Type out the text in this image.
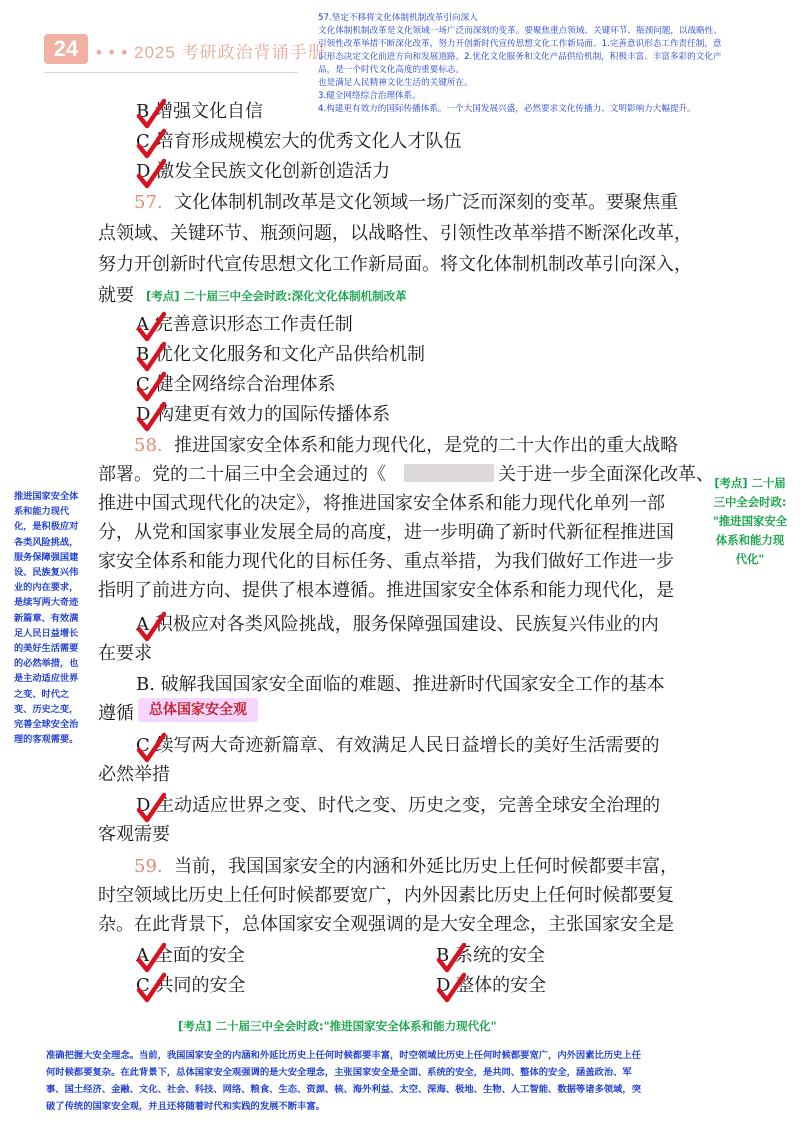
24	• • • 2025 考研政治背诵手册
57.坚定不移将文化体制机制改革引向深入
文化体制机制改革是文化领域一场广泛而深刻的变革。要聚焦重点领域、关键环节、瓶颈问题，以战略性、
引领性改革举措不断深化改革，努力开创新时代宣传思想文化工作新局面。1.完善意识形态工作责任制，意
识形态决定文化前进方向和发展道路。2.优化文化服务和文化产品供给机制，积极丰富、丰富多彩的文化产
品，是一个时代文化高度的重要标志。
也是满足人民精神文化生活的关键所在。
3.健全网络综合治理体系。
4.构建更有效力的国际传播体系。一个大国发展兴盛，必然要求文化传播力、文明影响力大幅提升。
B 增强文化自信
C 培育形成规模宏大的优秀文化人才队伍
D 激发全民族文化创新创造活力
57. 文化体制机制改革是文化领域一场广泛而深刻的变革。要聚焦重
点领域、关键环节、瓶颈问题，以战略性、引领性改革举措不断深化改革，
努力开创新时代宣传思想文化工作新局面。将文化体制机制改革引向深入，
就要 [考点] 二十届三中全会时政:深化文化体制机制改革
A 完善意识形态工作责任制
B 优化文化服务和文化产品供给机制
C 健全网络综合治理体系
D 构建更有效力的国际传播体系
58. 推进国家安全体系和能力现代化，是党的二十大作出的重大战略
部署。党的二十届三中全会通过的《	关于进一步全面深化改革、
推进中国式现代化的决定》，将推进国家安全体系和能力现代化单列一部
分，从党和国家事业发展全局的高度，进一步明确了新时代新征程推进国
家安全体系和能力现代化的目标任务、重点举措，为我们做好工作进一步
指明了前进方向、提供了根本遵循。推进国家安全体系和能力现代化，是
A 积极应对各类风险挑战，服务保障强国建设、民族复兴伟业的内
在要求
B. 破解我国国家安全面临的难题、推进新时代国家安全工作的基本
遵循	总体国家安全观
C 续写两大奇迹新篇章、有效满足人民日益增长的美好生活需要的
必然举措
D 主动适应世界之变、时代之变、历史之变，完善全球安全治理的
客观需要
[考点] 二十届
三中全会时政:
"推进国家安全
体系和能力现
代化"
推进国家安全体
系和能力现代
化，是积极应对
各类风险挑战，
服务保障强国建
设、民族复兴伟
业的内在要求，
是续写两大奇迹
新篇章、有效满
足人民日益增长
的美好生活需要
的必然举措，也
是主动适应世界
之变、时代之
变、历史之变，
完善全球安全治
理的客观需要。
59. 当前，我国国家安全的内涵和外延比历史上任何时候都要丰富，
时空领域比历史上任何时候都要宽广，内外因素比历史上任何时候都要复
杂。在此背景下，总体国家安全观强调的是大安全理念，主张国家安全是
A 全面的安全	B 系统的安全
C 共同的安全	D 整体的安全
[考点] 二十届三中全会时政:"推进国家安全体系和能力现代化"
准确把握大安全理念。当前，我国国家安全的内涵和外延比历史上任何时候都要丰富，时空领域比历史上任何时候都要宽广，内外因素比历史上任
何时候都要复杂。在此背景下，总体国家安全观强调的是大安全理念，主张国家安全是全面、系统的安全，是共同、整体的安全，涵盖政治、军
事、国土经济、金融、文化、社会、科技、网络、粮食、生态、资源、核、海外利益、太空、深海、极地、生物、人工智能、数据等诸多领域，突
破了传统的国家安全观，并且还将随着时代和实践的发展不断丰富。
